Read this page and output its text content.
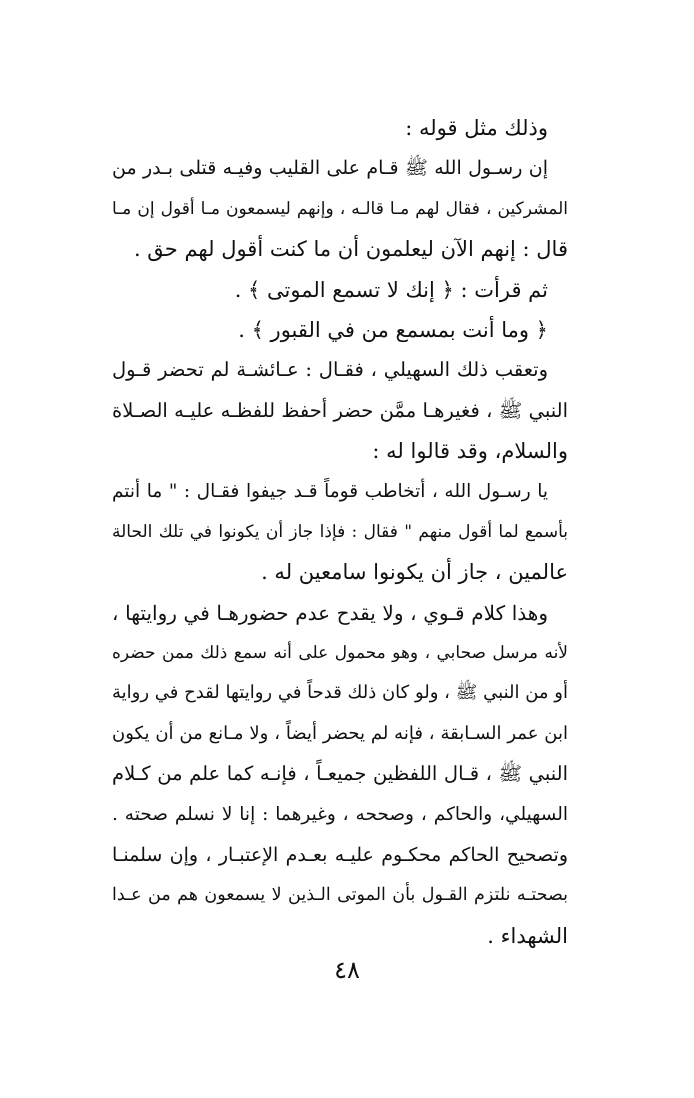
وذلك مثل قوله :
إن رسـول الله ﷺ قـام على القليب وفيـه قتلى بـدر من
المشركين ، فقال لهم مـا قالـه ، وإنهم ليسمعون مـا أقول إن مـا
قال : إنهم الآن ليعلمون أن ما كنت أقول لهم حق .
ثم قرأت : ﴿ إنك لا تسمع الموتى ﴾ .
﴿ وما أنت بمسمع من في القبور ﴾ .
وتعقب ذلك السهيلي ، فقـال : عـائشـة لم تحضر قـول
النبي ﷺ ، فغيرهـا ممَّن حضر أحفظ للفظـه عليـه الصـلاة
والسلام، وقد قالوا له :
يا رسـول الله ، أتخاطب قوماً قـد جيفوا فقـال : " ما أنتم
بأسمع لما أقول منهم " فقال : فإذا جاز أن يكونوا في تلك الحالة
عالمين ، جاز أن يكونوا سامعين له .
وهذا كلام قـوي ، ولا يقدح عدم حضورهـا في روايتها ،
لأنه مرسل صحابي ، وهو محمول على أنه سمع ذلك ممن حضره
أو من النبي ﷺ ، ولو كان ذلك قدحاً في روايتها لقدح في رواية
ابن عمر السـابقة ، فإنه لم يحضر أيضاً ، ولا مـانع من أن يكون
النبي ﷺ ، قـال اللفظين جميعـاً ، فإنـه كما علم من كـلام
السهيلي، والحاكم ، وصححه ، وغيرهما : إنا لا نسلم صحته .
وتصحيح الحاكم محكـوم عليـه بعـدم الإعتبـار ، وإن سلمنـا
بصحتـه نلتزم القـول بأن الموتى الـذين لا يسمعون هم من عـدا
الشهداء .
٤٨
